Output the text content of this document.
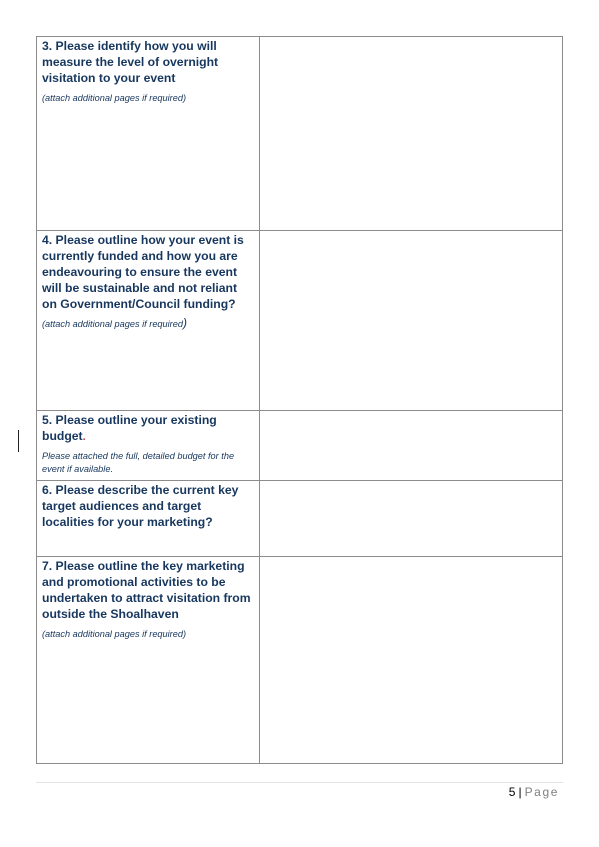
3. Please identify how you will measure the level of overnight visitation to your event

(attach additional pages if required)	

4. Please outline how your event is currently funded and how you are endeavouring to ensure the event will be sustainable and not reliant on Government/Council funding?

(attach additional pages if required)	

5. Please outline your existing budget.

Please attached the full, detailed budget for the event if available.	

6. Please describe the current key target audiences and target localities for your marketing?	

7. Please outline the key marketing and promotional activities to be undertaken to attract visitation from outside the Shoalhaven

(attach additional pages if required)	

5 | Page
